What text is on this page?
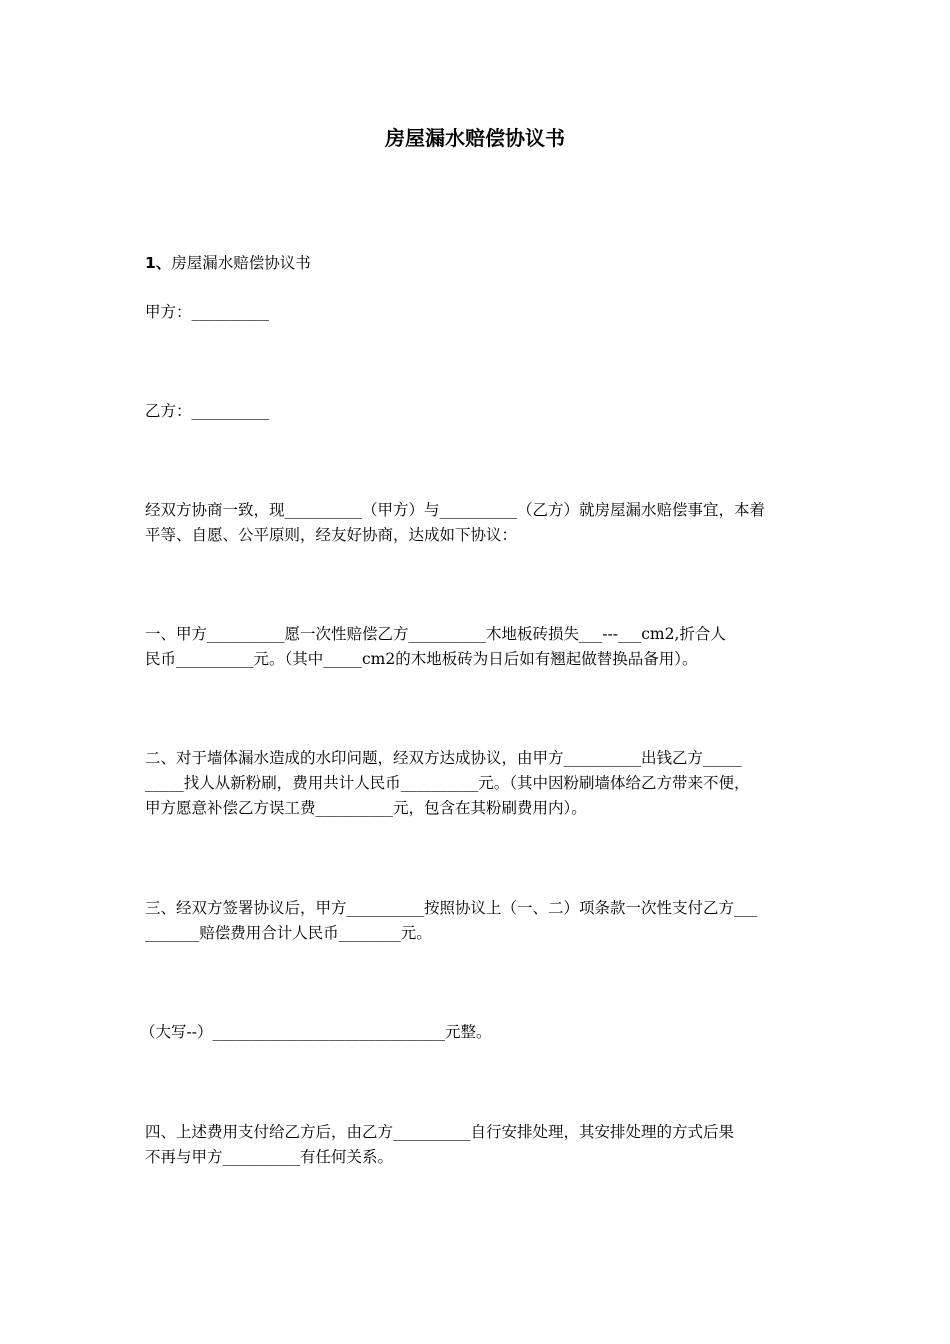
房屋漏水赔偿协议书
1、房屋漏水赔偿协议书
甲方：__________
乙方：__________
经双方协商一致，现__________（甲方）与__________（乙方）就房屋漏水赔偿事宜，本着
平等、自愿、公平原则，经友好协商，达成如下协议：
一、甲方__________愿一次性赔偿乙方__________木地板砖损失___---___cm2,折合人
民币__________元。（其中_____cm2的木地板砖为日后如有翘起做替换品备用）。
二、对于墙体漏水造成的水印问题，经双方达成协议，由甲方__________出钱乙方_____
_____找人从新粉刷，费用共计人民币__________元。（其中因粉刷墙体给乙方带来不便，
甲方愿意补偿乙方误工费__________元，包含在其粉刷费用内）。
三、经双方签署协议后，甲方__________按照协议上（一、二）项条款一次性支付乙方___
_______赔偿费用合计人民币________元。
（大写--）______________________________元整。
四、上述费用支付给乙方后，由乙方__________自行安排处理，其安排处理的方式后果
不再与甲方__________有任何关系。
